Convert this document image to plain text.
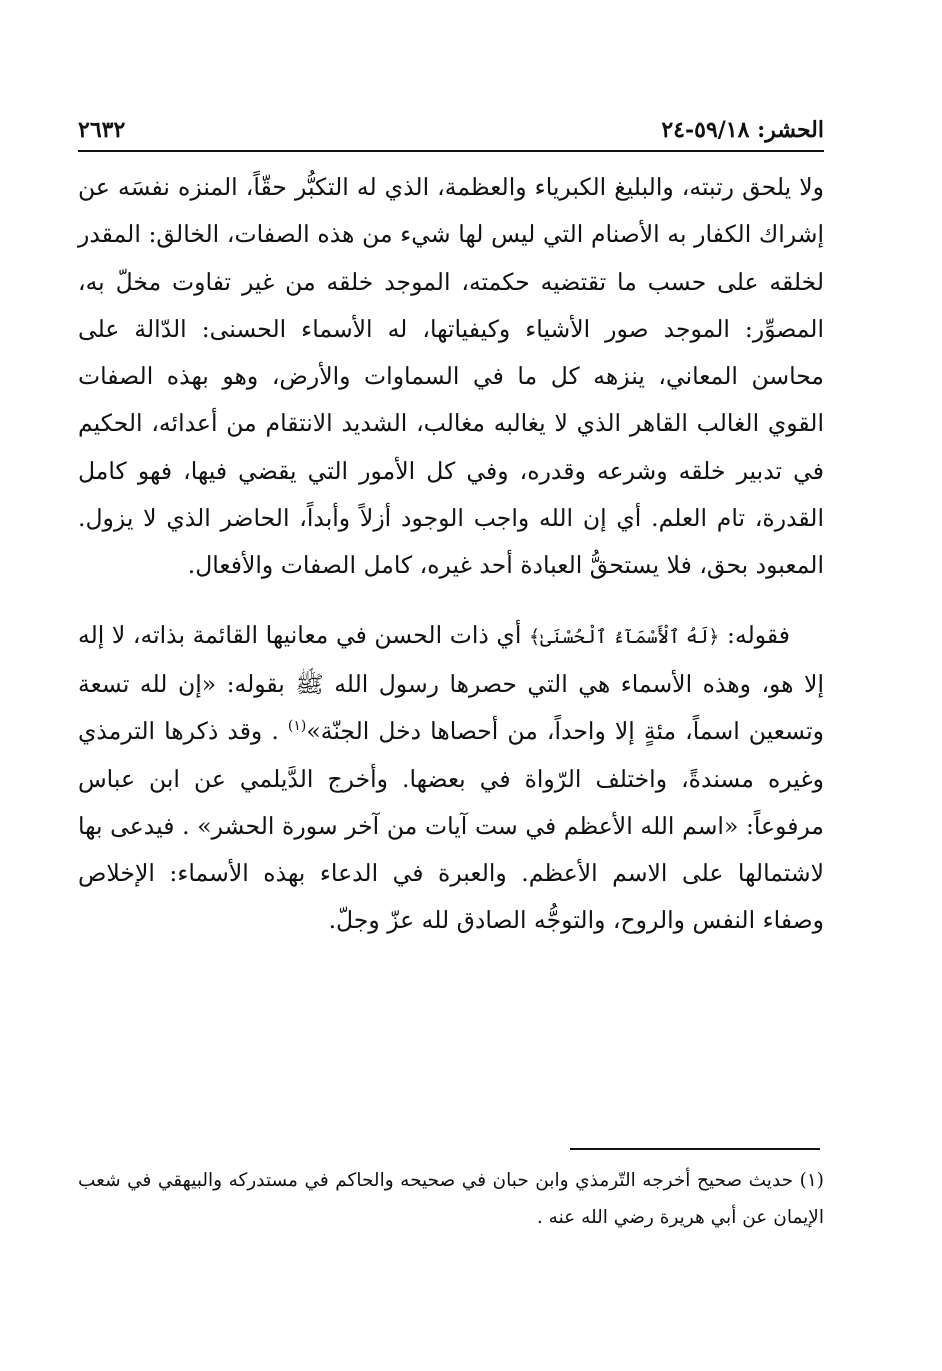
الحشر: ٥٩/١٨-٢٤
٢٦٣٢

ولا يلحق رتبته، والبليغ الكبرياء والعظمة، الذي له التكبُّر حقّاً، المنزه نفسَه عن إشراك الكفار به الأصنام التي ليس لها شيء من هذه الصفات، الخالق: المقدر لخلقه على حسب ما تقتضيه حكمته، الموجد خلقه من غير تفاوت مخلّ به، المصوِّر: الموجد صور الأشياء وكيفياتها، له الأسماء الحسنى: الدّالة على محاسن المعاني، ينزهه كل ما في السماوات والأرض، وهو بهذه الصفات القوي الغالب القاهر الذي لا يغالبه مغالب، الشديد الانتقام من أعدائه، الحكيم في تدبير خلقه وشرعه وقدره، وفي كل الأمور التي يقضي فيها، فهو كامل القدرة، تام العلم. أي إن الله واجب الوجود أزلاً وأبداً، الحاضر الذي لا يزول. المعبود بحق، فلا يستحقُّ العبادة أحد غيره، كامل الصفات والأفعال.

فقوله: ﴿لَهُ ٱلْأَسْمَآءُ ٱلْحُسْنَىٰ﴾ أي ذات الحسن في معانيها القائمة بذاته، لا إله إلا هو، وهذه الأسماء هي التي حصرها رسول الله ﷺ بقوله: «إن لله تسعة وتسعين اسماً، مئةٍ إلا واحداً، من أحصاها دخل الجنّة»$^{(١)}$ . وقد ذكرها الترمذي وغيره مسندةً، واختلف الرّواة في بعضها. وأخرج الدَّيلمي عن ابن عباس مرفوعاً: «اسم الله الأعظم في ست آيات من آخر سورة الحشر» . فيدعى بها لاشتمالها على الاسم الأعظم. والعبرة في الدعاء بهذه الأسماء: الإخلاص وصفاء النفس والروح، والتوجُّه الصادق لله عزّ وجلّ.

(١) حديث صحيح أخرجه التّرمذي وابن حبان في صحيحه والحاكم في مستدركه والبيهقي في شعب الإيمان عن أبي هريرة رضي الله عنه .
